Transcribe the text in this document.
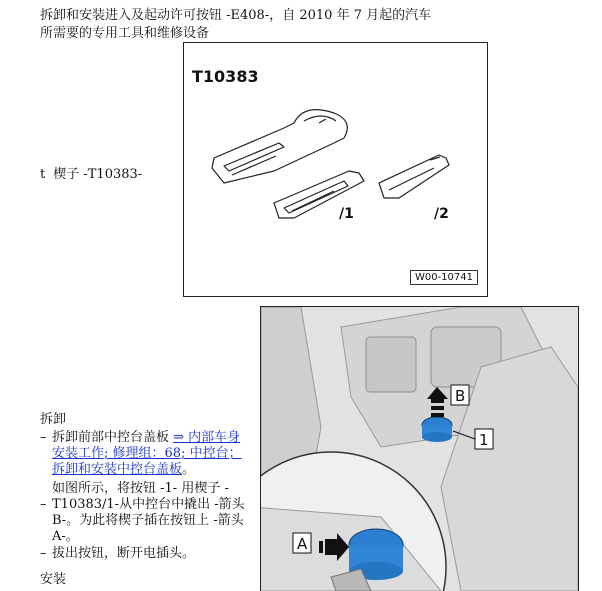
拆卸和安装进入及起动许可按钮 -E408-，自 2010 年 7 月起的汽车
所需要的专用工具和维修设备
T10383
/1	/2
W00-10741
t 楔子 -T10383-
拆卸
– 拆卸前部中控台盖板 ⇒ 内部车身安装工作; 修理组：68; 中控台；拆卸和安装中控台盖板。
如图所示，将按钮 -1- 用楔子 -
– T10383/1-从中控台中撬出 -箭头 B-。为此将楔子插在按钮上 -箭头 A-。
– 拔出按钮，断开电插头。
安装
A
B
1
